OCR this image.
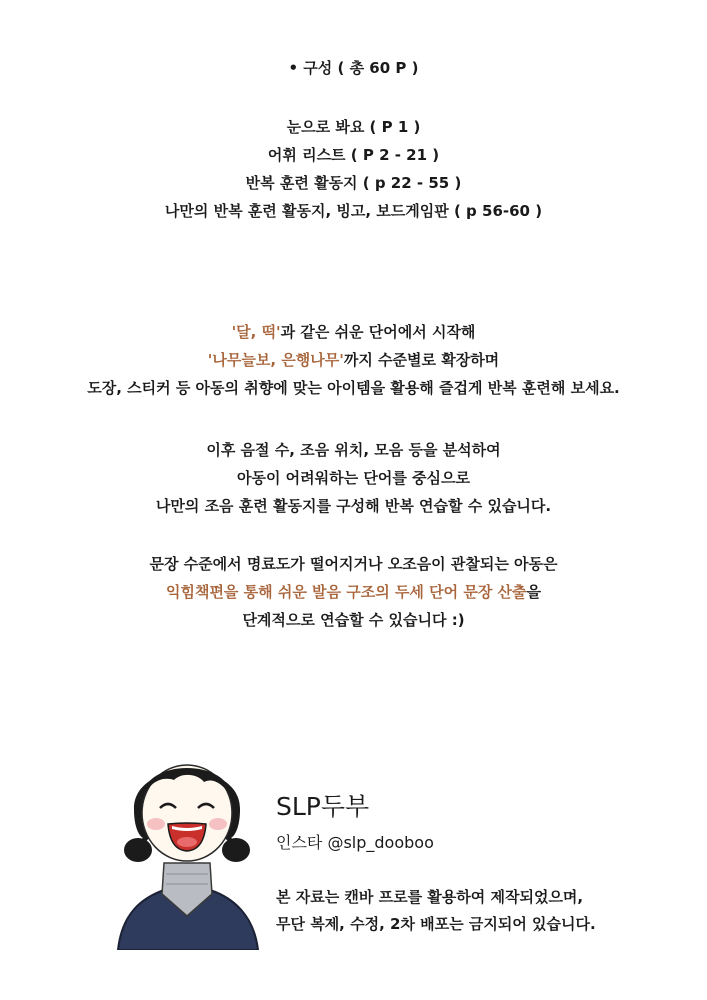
• 구성 ( 총 60 P )
눈으로 봐요 ( P 1 )
어휘 리스트 ( P 2 - 21 )
반복 훈련 활동지 ( p 22 - 55 )
나만의 반복 훈련 활동지, 빙고, 보드게임판 ( p 56-60 )
'달, 떡'과 같은 쉬운 단어에서 시작해
'나무늘보, 은행나무'까지 수준별로 확장하며
도장, 스티커 등 아동의 취향에 맞는 아이템을 활용해 즐겁게 반복 훈련해 보세요.
이후 음절 수, 조음 위치, 모음 등을 분석하여
아동이 어려워하는 단어를 중심으로
나만의 조음 훈련 활동지를 구성해 반복 연습할 수 있습니다.
문장 수준에서 명료도가 떨어지거나 오조음이 관찰되는 아동은
익힘책편을 통해 쉬운 발음 구조의 두세 단어 문장 산출을
단계적으로 연습할 수 있습니다 :)
SLP두부
인스타 @slp_dooboo
본 자료는 캔바 프로를 활용하여 제작되었으며,
무단 복제, 수정, 2차 배포는 금지되어 있습니다.
